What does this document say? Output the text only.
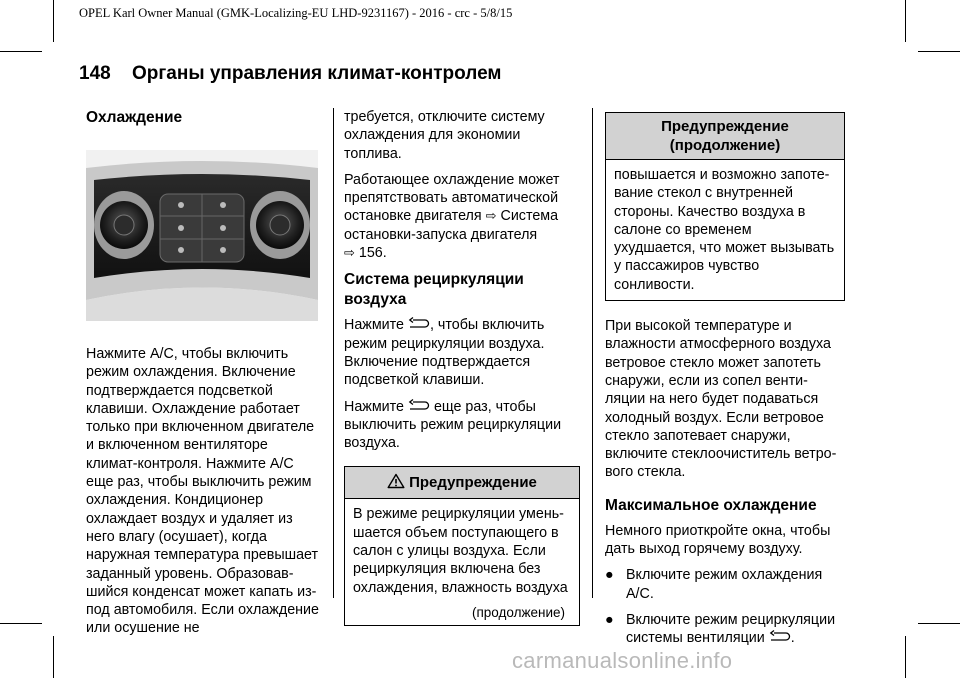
OPEL Karl Owner Manual (GMK-Localizing-EU LHD-9231167) - 2016 - crc - 5/8/15
148 Органы управления климат-контролем
Охлаждение

Нажмите A/C, чтобы включить режим охлаждения. Включение подтверждается подсветкой клавиши. Охлаждение работает только при включенном двигателе и включенном вентиляторе климат-контроля. Нажмите A/C еще раз, чтобы выключить режим охлаждения. Кондиционер охлаждает воздух и удаляет из него влагу (осушает), когда наружная температура превышает заданный уровень. Образовав- шийся конденсат может капать из-под автомобиля. Если охлаждение или осушение не

требуется, отключите систему охлаждения для экономии топлива.

Работающее охлаждение может препятствовать автоматической остановке двигателя ⇨ Система остановки-запуска двигателя
⇨ 156.

Система рециркуляции воздуха

Нажмите , чтобы включить режим рециркуляции воздуха. Включение подтверждается подсветкой клавиши.

Нажмите  еще раз, чтобы выключить режим рециркуляции воздуха.

Предупреждение
В режиме рециркуляции умень- шается объем поступающего в салон с улицы воздуха. Если рециркуляция включена без охлаждения, влажность воздуха
(продолжение)
Предупреждение (продолжение)
повышается и возможно запоте- вание стекол с внутренней стороны. Качество воздуха в салоне со временем ухудшается, что может вызывать у пассажиров чувство сонливости.

При высокой температуре и влажности атмосферного воздуха ветровое стекло может запотеть снаружи, если из сопел венти- ляции на него будет подаваться холодный воздух. Если ветровое стекло запотевает снаружи, включите стеклоочиститель ветро- вого стекла.

Максимальное охлаждение

Немного приоткройте окна, чтобы дать выход горячему воздуху.

● Включите режим охлаждения A/C.
● Включите режим рециркуляции системы вентиляции .
carmanualsonline.info
